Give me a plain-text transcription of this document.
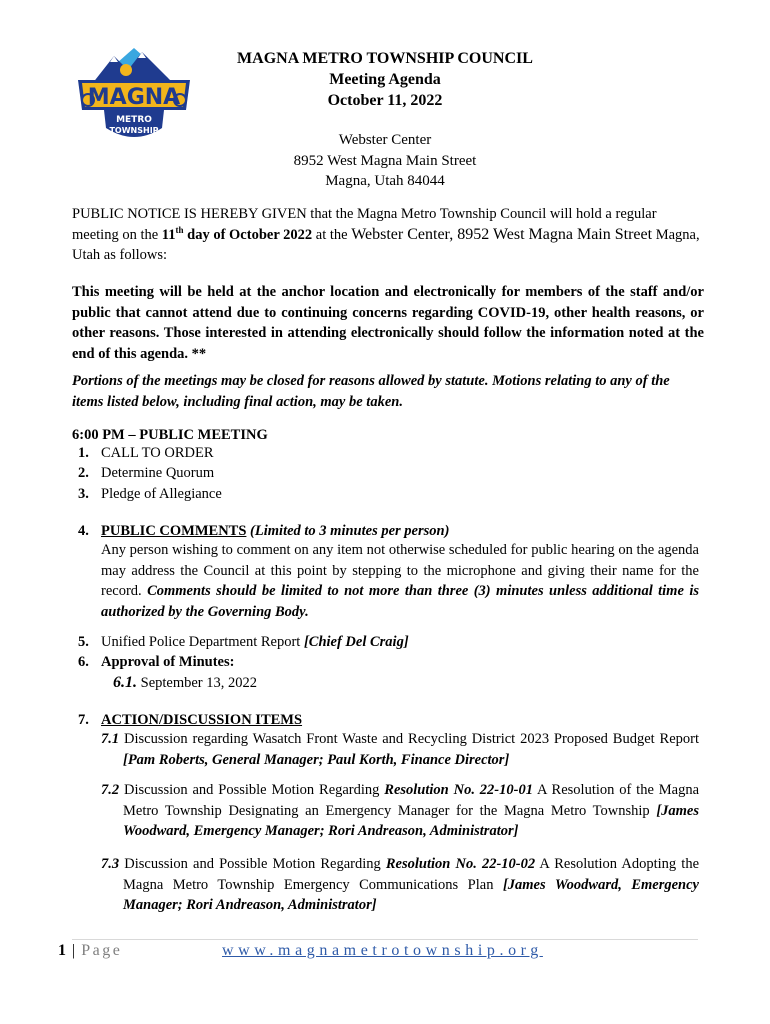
MAGNA
METRO
TOWNSHIP
MAGNA METRO TOWNSHIP COUNCIL
Meeting Agenda
October 11, 2022
Webster Center
8952 West Magna Main Street
Magna, Utah 84044
PUBLIC NOTICE IS HEREBY GIVEN that the Magna Metro Township Council will hold a regular meeting on the 11th day of October 2022 at the Webster Center, 8952 West Magna Main Street Magna, Utah as follows:
This meeting will be held at the anchor location and electronically for members of the staff and/or public that cannot attend due to continuing concerns regarding COVID-19, other health reasons, or other reasons. Those interested in attending electronically should follow the information noted at the end of this agenda. **
Portions of the meetings may be closed for reasons allowed by statute. Motions relating to any of the items listed below, including final action, may be taken.
6:00 PM – PUBLIC MEETING
1. CALL TO ORDER
2. Determine Quorum
3. Pledge of Allegiance
4. PUBLIC COMMENTS (Limited to 3 minutes per person)
Any person wishing to comment on any item not otherwise scheduled for public hearing on the agenda may address the Council at this point by stepping to the microphone and giving their name for the record. Comments should be limited to not more than three (3) minutes unless additional time is authorized by the Governing Body.
5. Unified Police Department Report [Chief Del Craig]
6. Approval of Minutes:
6.1. September 13, 2022
7. ACTION/DISCUSSION ITEMS
7.1 Discussion regarding Wasatch Front Waste and Recycling District 2023 Proposed Budget Report [Pam Roberts, General Manager; Paul Korth, Finance Director]
7.2 Discussion and Possible Motion Regarding Resolution No. 22-10-01 A Resolution of the Magna Metro Township Designating an Emergency Manager for the Magna Metro Township [James Woodward, Emergency Manager; Rori Andreason, Administrator]
7.3 Discussion and Possible Motion Regarding Resolution No. 22-10-02 A Resolution Adopting the Magna Metro Township Emergency Communications Plan [James Woodward, Emergency Manager; Rori Andreason, Administrator]
1 | Page	www.magnametrotownship.org
